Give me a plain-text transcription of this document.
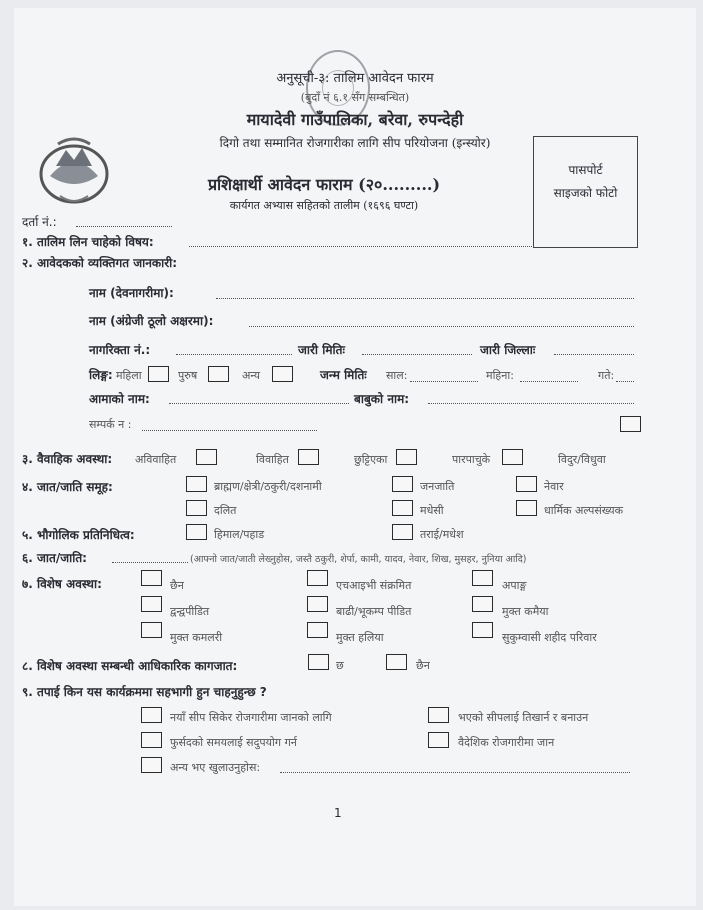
अनुसूची-३: तालिम आवेदन फारम
(बुदाँ नं ६.१ सँग सम्बन्धित)
मायादेवी गाउँपालिका, बरेवा, रुपन्देही
दिगो तथा सम्मानित रोजगारीका लागि सीप परियोजना (इन्स्योर)
प्रशिक्षार्थी आवेदन फाराम (२०.........)
कार्यगत अभ्यास सहितको तालीम (१६९६ घण्टा)
पासपोर्ट
साइजको फोटो
दर्ता नं.:
१. तालिम लिन चाहेको विषय:
२. आवेदकको व्यक्तिगत जानकारी:
नाम (देवनागरीमा):
नाम (अंग्रेजी ठूलो अक्षरमा):
नागरिक्ता नं.:	जारी मितिः	जारी जिल्लाः
लिङ्ग: महिला	पुरुष	अन्य	जन्म मितिः साल:	महिना:	गते:
आमाको नाम:	बाबुको नाम:
सम्पर्क न :
३. वैवाहिक अवस्था: अविवाहित	विवाहित	छुट्टिएका	पारपाचुके	विदुर/विधुवा
४. जात/जाति समूह:	ब्राह्मण/क्षेत्री/ठकुरी/दशनामी	जनजाति	नेवार
दलित	मधेसी	धार्मिक अल्पसंख्यक
५. भौगोलिक प्रतिनिधित्व:	हिमाल/पहाड	तराई/मधेश
६. जात/जाति:	(आफ्नो जात/जाती लेख्नुहोस, जस्तै ठकुरी, शेर्पा, कामी, यादव, नेवार, शिख, मुसहर, नुनिया आदि)
७. विशेष अवस्था:	छैन	एचआइभी संक्रमित	अपाङ्ग
द्वन्द्वपीडित	बाढी/भूकम्प पीडित	मुक्त कमैया
मुक्त कमलरी	मुक्त हलिया	सुकुम्वासी शहीद परिवार
८. विशेष अवस्था सम्बन्धी आधिकारिक कागजात:	छ	छैन
९. तपाई किन यस कार्यक्रममा सहभागी हुन चाहनुहुन्छ ?
नयाँ सीप सिकेर रोजगारीमा जानको लागि	भएको सीपलाई तिखार्न र बनाउन
फुर्सदको समयलाई सदुपयोग गर्न	वैदेशिक रोजगारीमा जान
अन्य भए खुलाउनुहोस:
1
